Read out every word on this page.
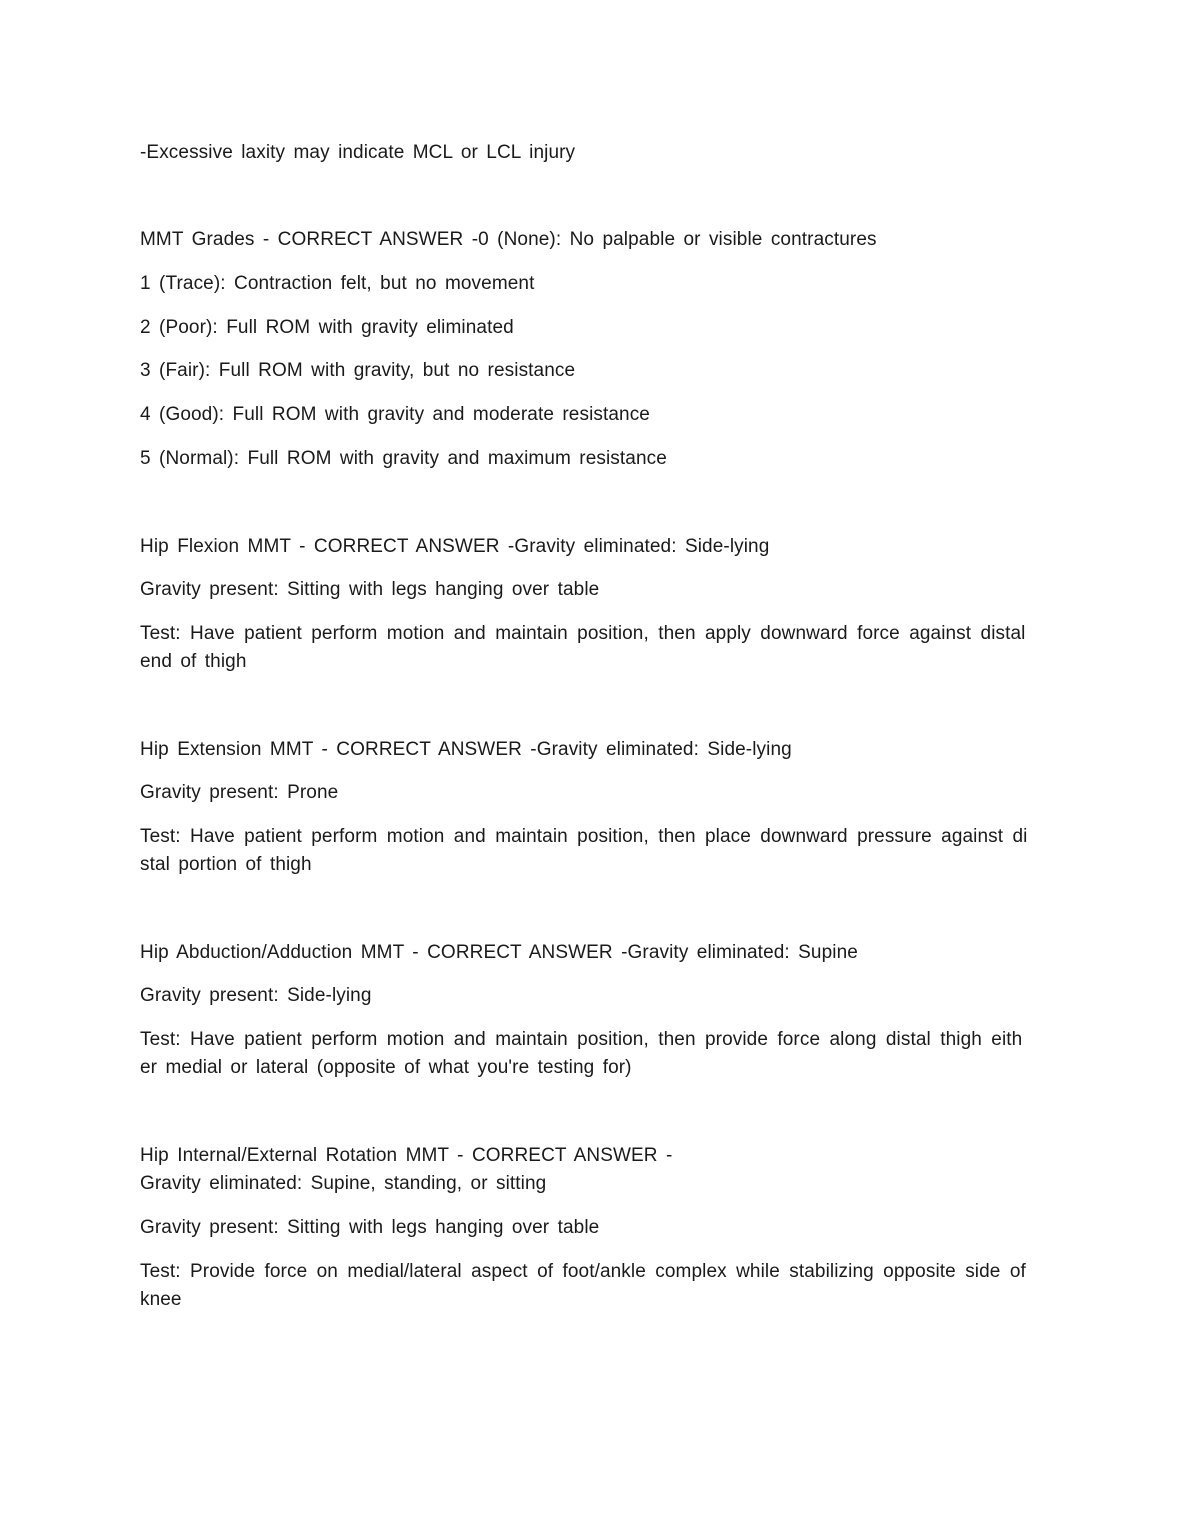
-Excessive laxity may indicate MCL or LCL injury
MMT Grades - CORRECT ANSWER -0 (None): No palpable or visible contractures
1 (Trace): Contraction felt, but no movement
2 (Poor): Full ROM with gravity eliminated
3 (Fair): Full ROM with gravity, but no resistance
4 (Good): Full ROM with gravity and moderate resistance
5 (Normal): Full ROM with gravity and maximum resistance
Hip Flexion MMT - CORRECT ANSWER -Gravity eliminated: Side-lying
Gravity present: Sitting with legs hanging over table
Test: Have patient perform motion and maintain position, then apply downward force against distal
end of thigh
Hip Extension MMT - CORRECT ANSWER -Gravity eliminated: Side-lying
Gravity present: Prone
Test: Have patient perform motion and maintain position, then place downward pressure against di
stal portion of thigh
Hip Abduction/Adduction MMT - CORRECT ANSWER -Gravity eliminated: Supine
Gravity present: Side-lying
Test: Have patient perform motion and maintain position, then provide force along distal thigh eith
er medial or lateral (opposite of what you're testing for)
Hip Internal/External Rotation MMT - CORRECT ANSWER -
Gravity eliminated: Supine, standing, or sitting
Gravity present: Sitting with legs hanging over table
Test: Provide force on medial/lateral aspect of foot/ankle complex while stabilizing opposite side of
knee
